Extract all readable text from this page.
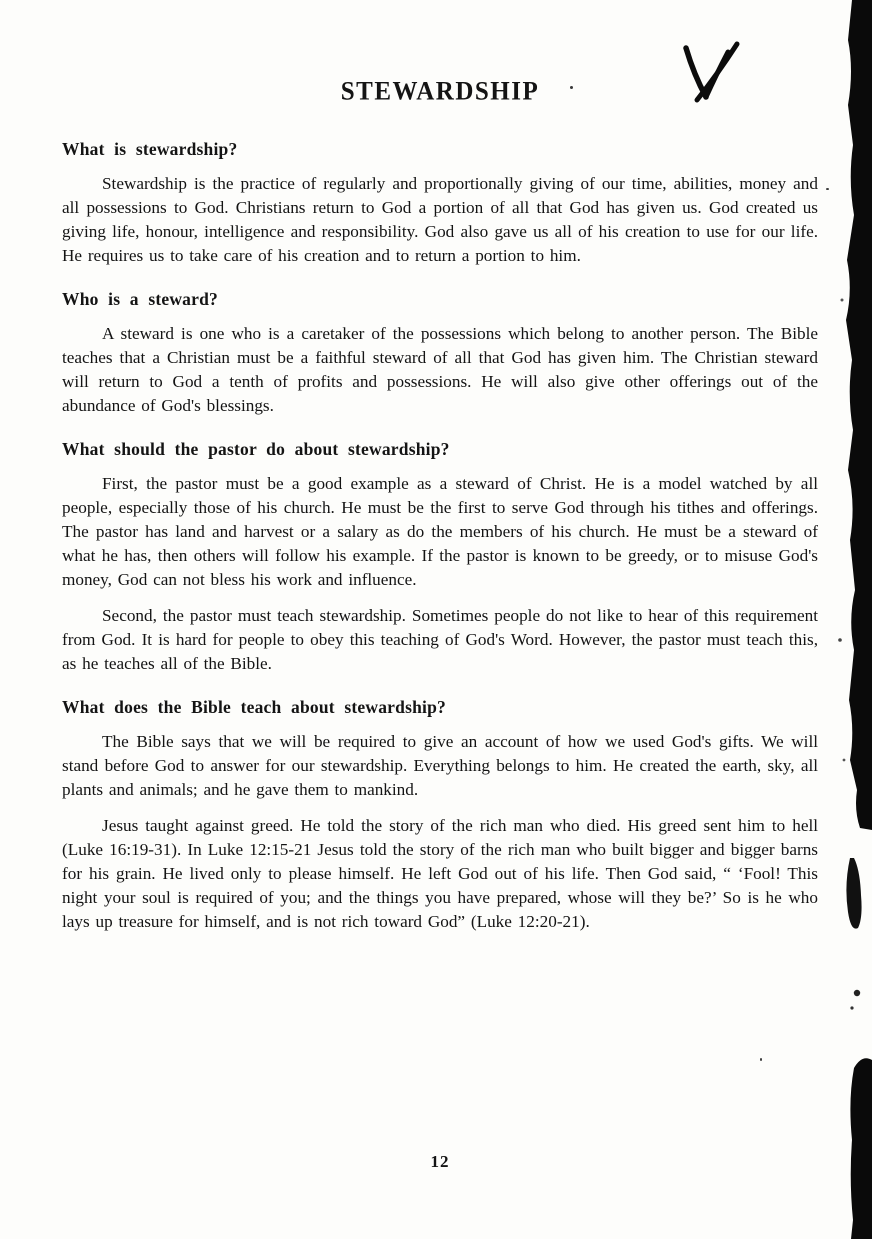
STEWARDSHIP
What is stewardship?

Stewardship is the practice of regularly and proportionally giving of our time, abilities, money and all possessions to God. Christians return to God a portion of all that God has given us. God created us giving life, honour, intelligence and responsibility. God also gave us all of his creation to use for our life. He requires us to take care of his creation and to return a portion to him.

Who is a steward?

A steward is one who is a caretaker of the possessions which belong to another person. The Bible teaches that a Christian must be a faithful steward of all that God has given him. The Christian steward will return to God a tenth of profits and possessions. He will also give other offerings out of the abundance of God's blessings.

What should the pastor do about stewardship?

First, the pastor must be a good example as a steward of Christ. He is a model watched by all people, especially those of his church. He must be the first to serve God through his tithes and offerings. The pastor has land and harvest or a salary as do the members of his church. He must be a steward of what he has, then others will follow his example. If the pastor is known to be greedy, or to misuse God's money, God can not bless his work and influence.

Second, the pastor must teach stewardship. Sometimes people do not like to hear of this requirement from God. It is hard for people to obey this teaching of God's Word. However, the pastor must teach this, as he teaches all of the Bible.

What does the Bible teach about stewardship?

The Bible says that we will be required to give an account of how we used God's gifts. We will stand before God to answer for our stewardship. Everything belongs to him. He created the earth, sky, all plants and animals; and he gave them to mankind.

Jesus taught against greed. He told the story of the rich man who died. His greed sent him to hell (Luke 16:19-31). In Luke 12:15-21 Jesus told the story of the rich man who built bigger and bigger barns for his grain. He lived only to please himself. He left God out of his life. Then God said, “ ‘Fool! This night your soul is required of you; and the things you have prepared, whose will they be?’ So is he who lays up treasure for himself, and is not rich toward God” (Luke 12:20-21).

12
